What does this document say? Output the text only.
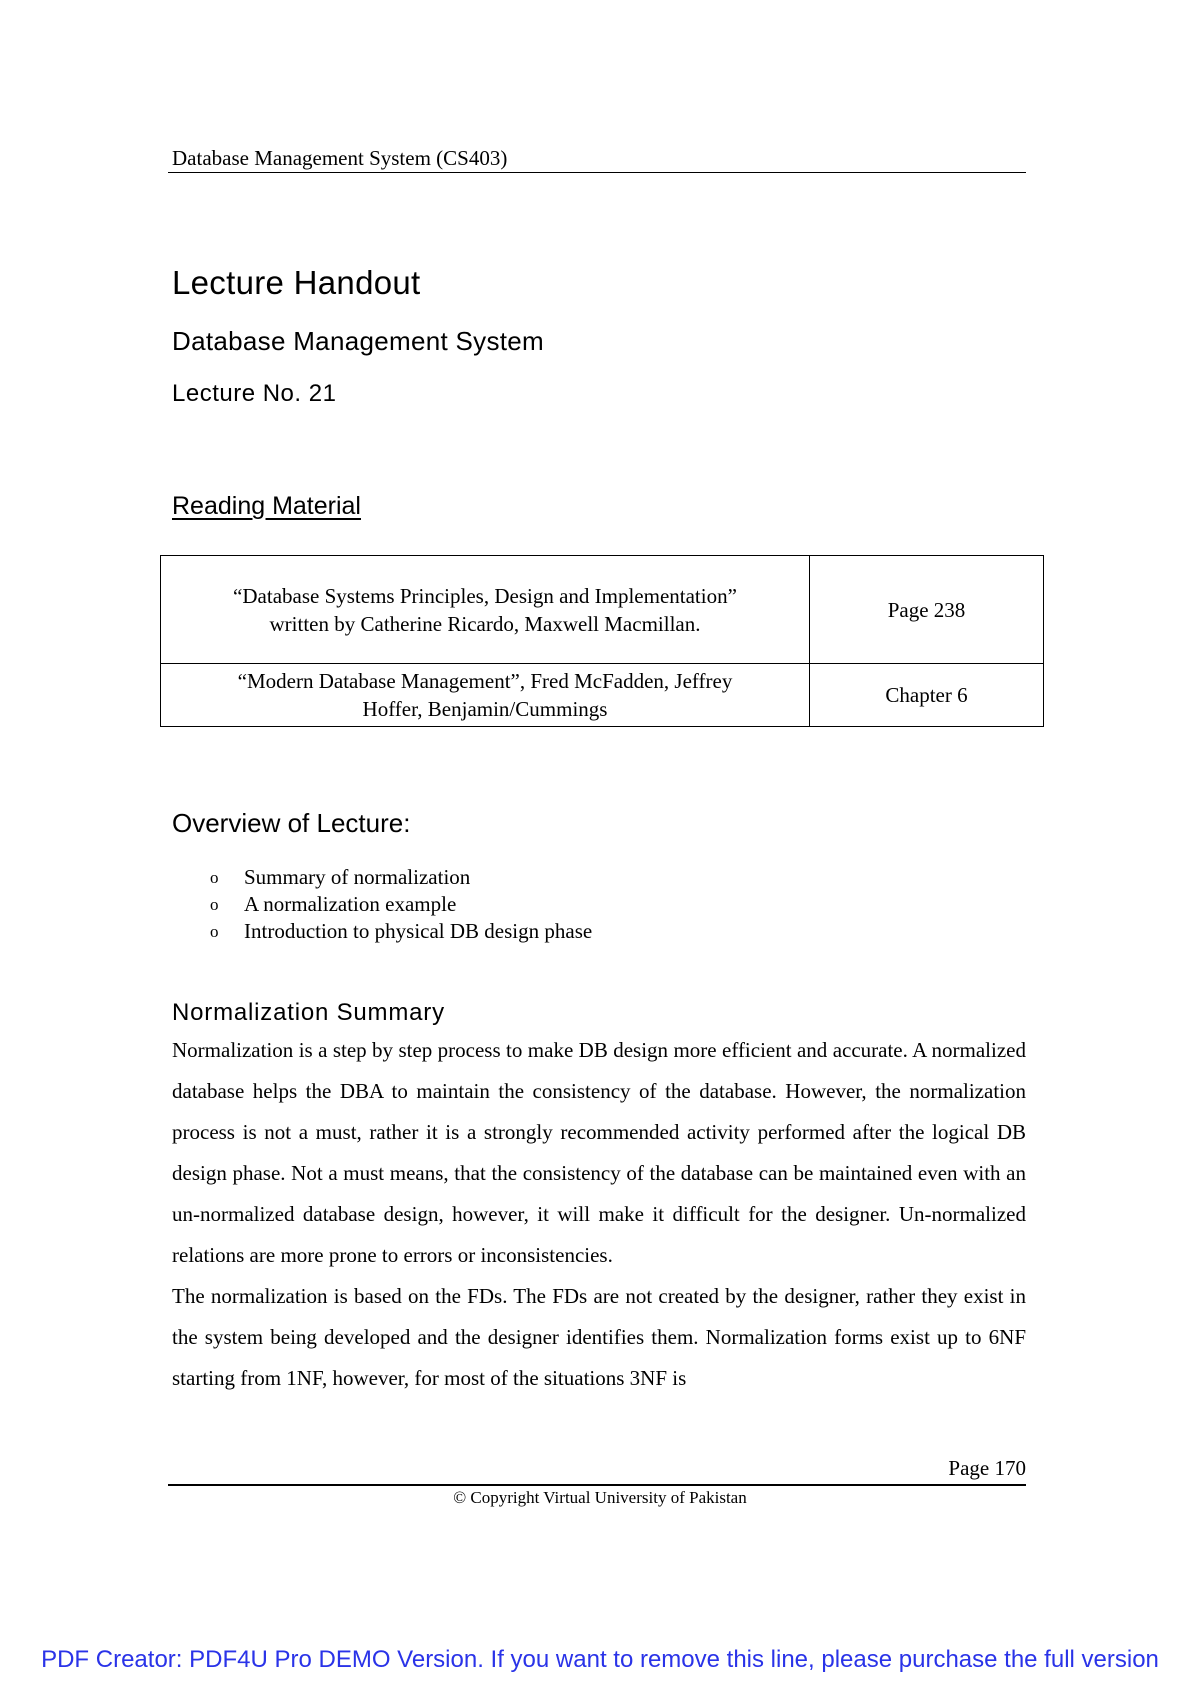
Database Management System (CS403)
Lecture Handout
Database Management System
Lecture No. 21
Reading Material
“Database Systems Principles, Design and Implementation”
written by Catherine Ricardo, Maxwell Macmillan.	Page 238

“Modern Database Management”, Fred McFadden, Jeffrey
Hoffer, Benjamin/Cummings	Chapter 6
Overview of Lecture:
o Summary of normalization
o A normalization example
o Introduction to physical DB design phase
Normalization Summary

Normalization is a step by step process to make DB design more efficient and accurate. A normalized database helps the DBA to maintain the consistency of the database. However, the normalization process is not a must, rather it is a strongly recommended activity performed after the logical DB design phase. Not a must means, that the consistency of the database can be maintained even with an un-normalized database design, however, it will make it difficult for the designer. Un-normalized relations are more prone to errors or inconsistencies.

The normalization is based on the FDs. The FDs are not created by the designer, rather they exist in the system being developed and the designer identifies them. Normalization forms exist up to 6NF starting from 1NF, however, for most of the situations 3NF is

Page 170
© Copyright Virtual University of Pakistan
PDF Creator: PDF4U Pro DEMO Version. If you want to remove this line, please purchase the full version
